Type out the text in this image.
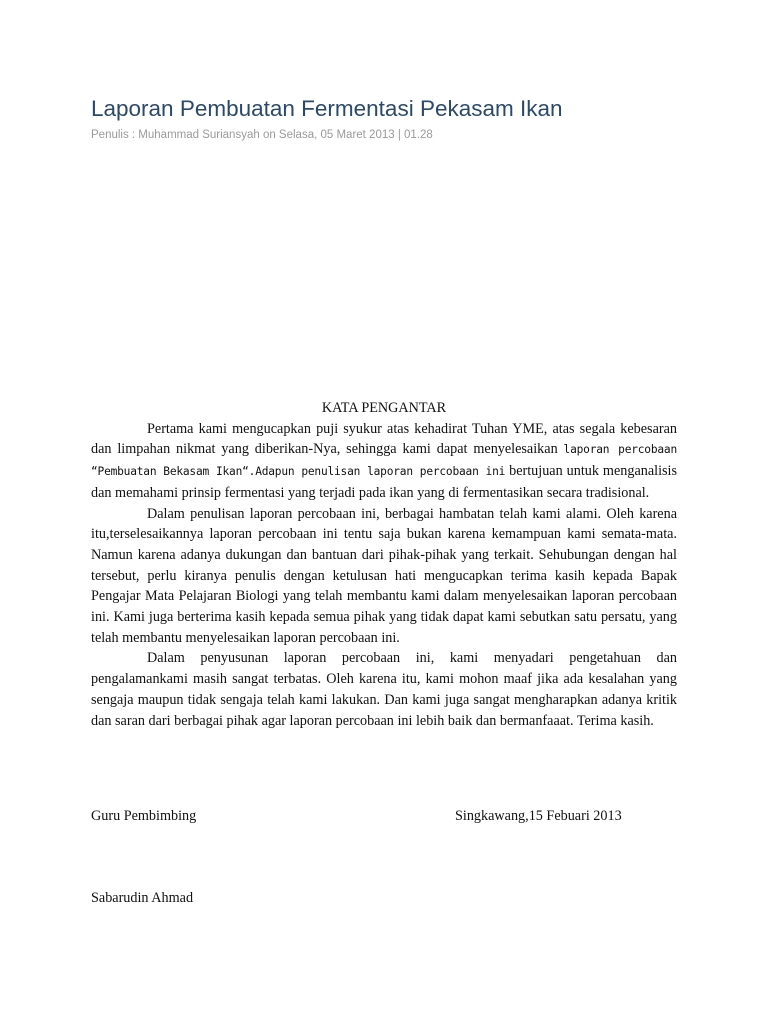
Laporan Pembuatan Fermentasi Pekasam Ikan
Penulis : Muhammad Suriansyah on Selasa, 05 Maret 2013 | 01.28

KATA PENGANTAR

Pertama kami mengucapkan puji syukur atas kehadirat Tuhan YME, atas segala kebesaran dan limpahan nikmat yang diberikan-Nya, sehingga kami dapat menyelesaikan laporan percobaan “Pembuatan Bekasam Ikan“.Adapun penulisan laporan percobaan ini bertujuan untuk menganalisis dan memahami prinsip fermentasi yang terjadi pada ikan yang di fermentasikan secara tradisional.

Dalam penulisan laporan percobaan ini, berbagai hambatan telah kami alami. Oleh karena itu,terselesaikannya laporan percobaan ini tentu saja bukan karena kemampuan kami semata-mata. Namun karena adanya dukungan dan bantuan dari pihak-pihak yang terkait. Sehubungan dengan hal tersebut, perlu kiranya penulis dengan ketulusan hati mengucapkan terima kasih kepada Bapak Pengajar Mata Pelajaran Biologi yang telah membantu kami dalam menyelesaikan laporan percobaan ini. Kami juga berterima kasih kepada semua pihak yang tidak dapat kami sebutkan satu persatu, yang telah membantu menyelesaikan laporan percobaan ini.

Dalam penyusunan laporan percobaan ini, kami menyadari pengetahuan dan pengalamankami masih sangat terbatas. Oleh karena itu, kami mohon maaf jika ada kesalahan yang sengaja maupun tidak sengaja telah kami lakukan. Dan kami juga sangat mengharapkan adanya kritik dan saran dari berbagai pihak agar laporan percobaan ini lebih baik dan bermanfaaat. Terima kasih.

Guru Pembimbing	Singkawang,15 Febuari 2013
Sabarudin Ahmad
